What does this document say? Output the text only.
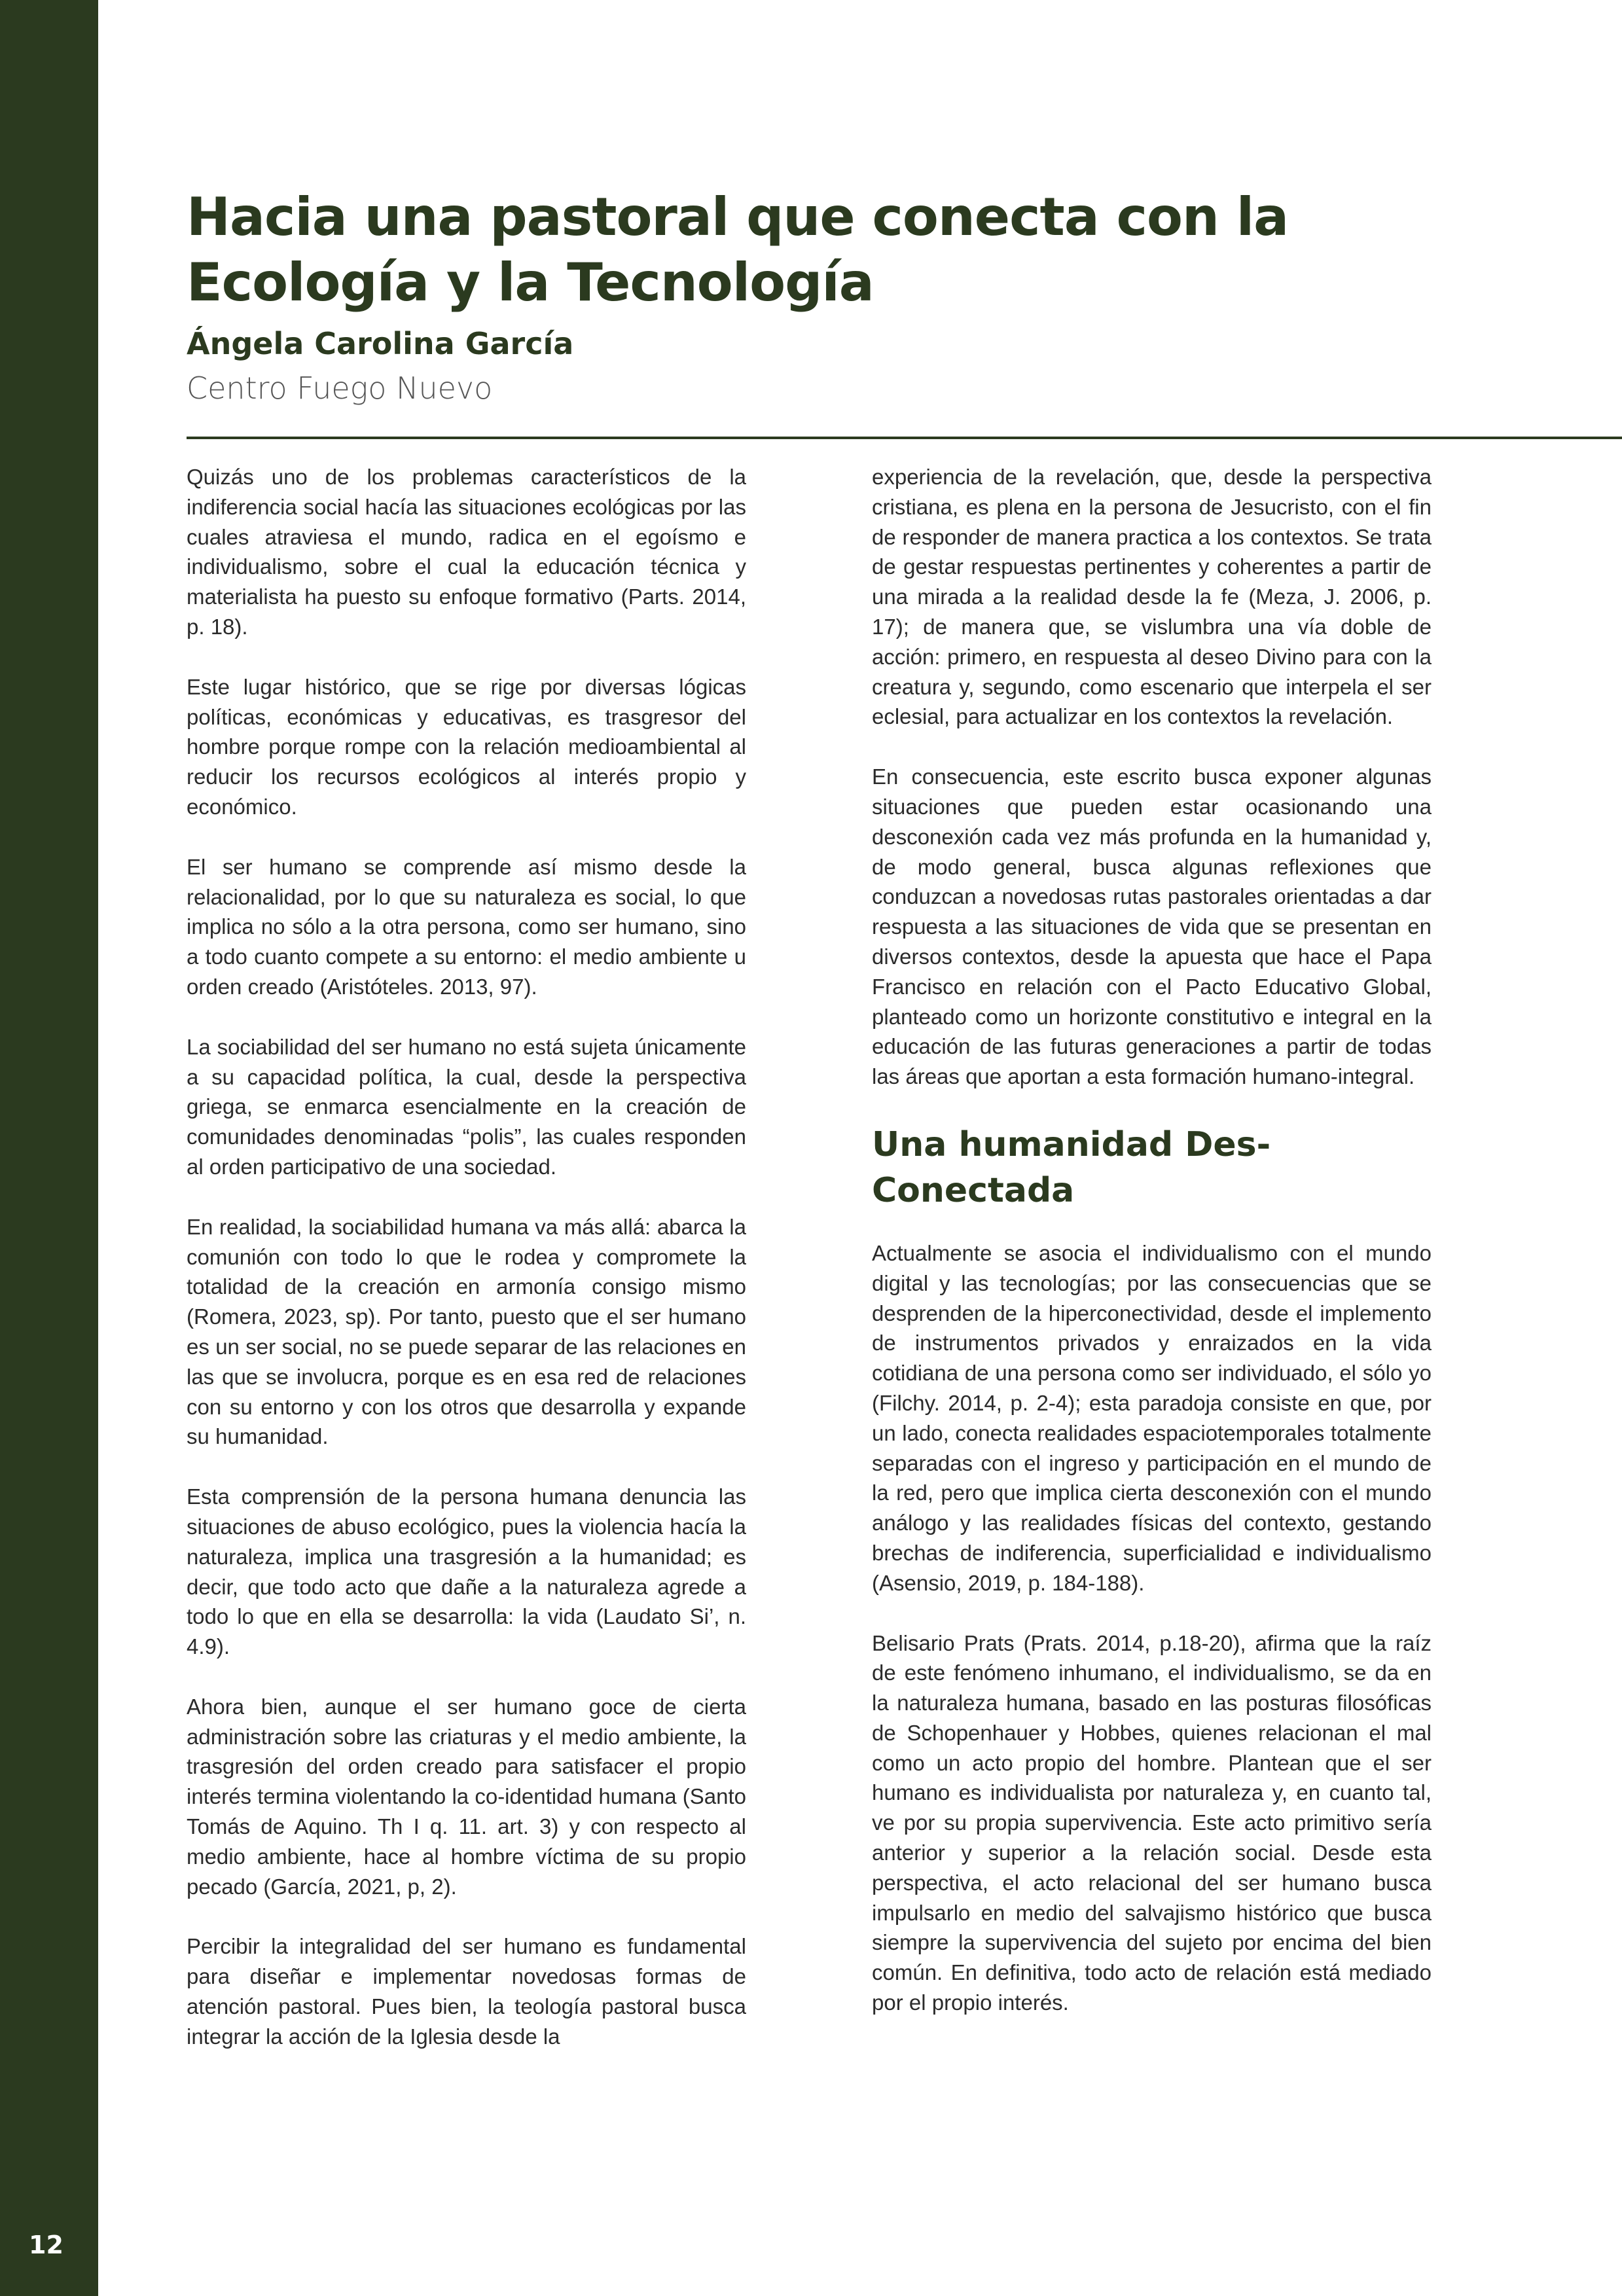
12
Hacia una pastoral que conecta con la
Ecología y la Tecnología

Ángela Carolina García

Centro Fuego Nuevo

Quizás uno de los problemas característicos de la indiferencia social hacía las situaciones ecológicas por las cuales atraviesa el mundo, radica en el egoísmo e individualismo, sobre el cual la educación técnica y materialista ha puesto su enfoque formativo (Parts. 2014, p. 18).

Este lugar histórico, que se rige por diversas lógicas políticas, económicas y educativas, es trasgresor del hombre porque rompe con la relación medioambiental al reducir los recursos ecológicos al interés propio y económico.

El ser humano se comprende así mismo desde la relacionalidad, por lo que su naturaleza es social, lo que implica no sólo a la otra persona, como ser humano, sino a todo cuanto compete a su entorno: el medio ambiente u orden creado (Aristóteles. 2013, 97).

La sociabilidad del ser humano no está sujeta únicamente a su capacidad política, la cual, desde la perspectiva griega, se enmarca esencialmente en la creación de comunidades denominadas “polis”, las cuales responden al orden participativo de una sociedad.

En realidad, la sociabilidad humana va más allá: abarca la comunión con todo lo que le rodea y compromete la totalidad de la creación en armonía consigo mismo (Romera, 2023, sp). Por tanto, puesto que el ser humano es un ser social, no se puede separar de las relaciones en las que se involucra, porque es en esa red de relaciones con su entorno y con los otros que desarrolla y expande su humanidad.

Esta comprensión de la persona humana denuncia las situaciones de abuso ecológico, pues la violencia hacía la naturaleza, implica una trasgresión a la humanidad; es decir, que todo acto que dañe a la naturaleza agrede a todo lo que en ella se desarrolla: la vida (Laudato Si’, n. 4.9).

Ahora bien, aunque el ser humano goce de cierta administración sobre las criaturas y el medio ambiente, la trasgresión del orden creado para satisfacer el propio interés termina violentando la co-identidad humana (Santo Tomás de Aquino. Th I q. 11. art. 3) y con respecto al medio ambiente, hace al hombre víctima de su propio pecado (García, 2021, p, 2).

Percibir la integralidad del ser humano es fundamental para diseñar e implementar novedosas formas de atención pastoral. Pues bien, la teología pastoral busca integrar la acción de la Iglesia desde la

experiencia de la revelación, que, desde la perspectiva cristiana, es plena en la persona de Jesucristo, con el fin de responder de manera practica a los contextos. Se trata de gestar respuestas pertinentes y coherentes a partir de una mirada a la realidad desde la fe (Meza, J. 2006, p. 17); de manera que, se vislumbra una vía doble de acción: primero, en respuesta al deseo Divino para con la creatura y, segundo, como escenario que interpela el ser eclesial, para actualizar en los contextos la revelación.

En consecuencia, este escrito busca exponer algunas situaciones que pueden estar ocasionando una desconexión cada vez más profunda en la humanidad y, de modo general, busca algunas reflexiones que conduzcan a novedosas rutas pastorales orientadas a dar respuesta a las situaciones de vida que se presentan en diversos contextos, desde la apuesta que hace el Papa Francisco en relación con el Pacto Educativo Global, planteado como un horizonte constitutivo e integral en la educación de las futuras generaciones a partir de todas las áreas que aportan a esta formación humano-integral.

Una humanidad Des-Conectada

Actualmente se asocia el individualismo con el mundo digital y las tecnologías; por las consecuencias que se desprenden de la hiperconectividad, desde el implemento de instrumentos privados y enraizados en la vida cotidiana de una persona como ser individuado, el sólo yo (Filchy. 2014, p. 2-4); esta paradoja consiste en que, por un lado, conecta realidades espaciotemporales totalmente separadas con el ingreso y participación en el mundo de la red, pero que implica cierta desconexión con el mundo análogo y las realidades físicas del contexto, gestando brechas de indiferencia, superficialidad e individualismo (Asensio, 2019, p. 184-188).

Belisario Prats (Prats. 2014, p.18-20), afirma que la raíz de este fenómeno inhumano, el individualismo, se da en la naturaleza humana, basado en las posturas filosóficas de Schopenhauer y Hobbes, quienes relacionan el mal como un acto propio del hombre. Plantean que el ser humano es individualista por naturaleza y, en cuanto tal, ve por su propia supervivencia. Este acto primitivo sería anterior y superior a la relación social. Desde esta perspectiva, el acto relacional del ser humano busca impulsarlo en medio del salvajismo histórico que busca siempre la supervivencia del sujeto por encima del bien común. En definitiva, todo acto de relación está mediado por el propio interés.
